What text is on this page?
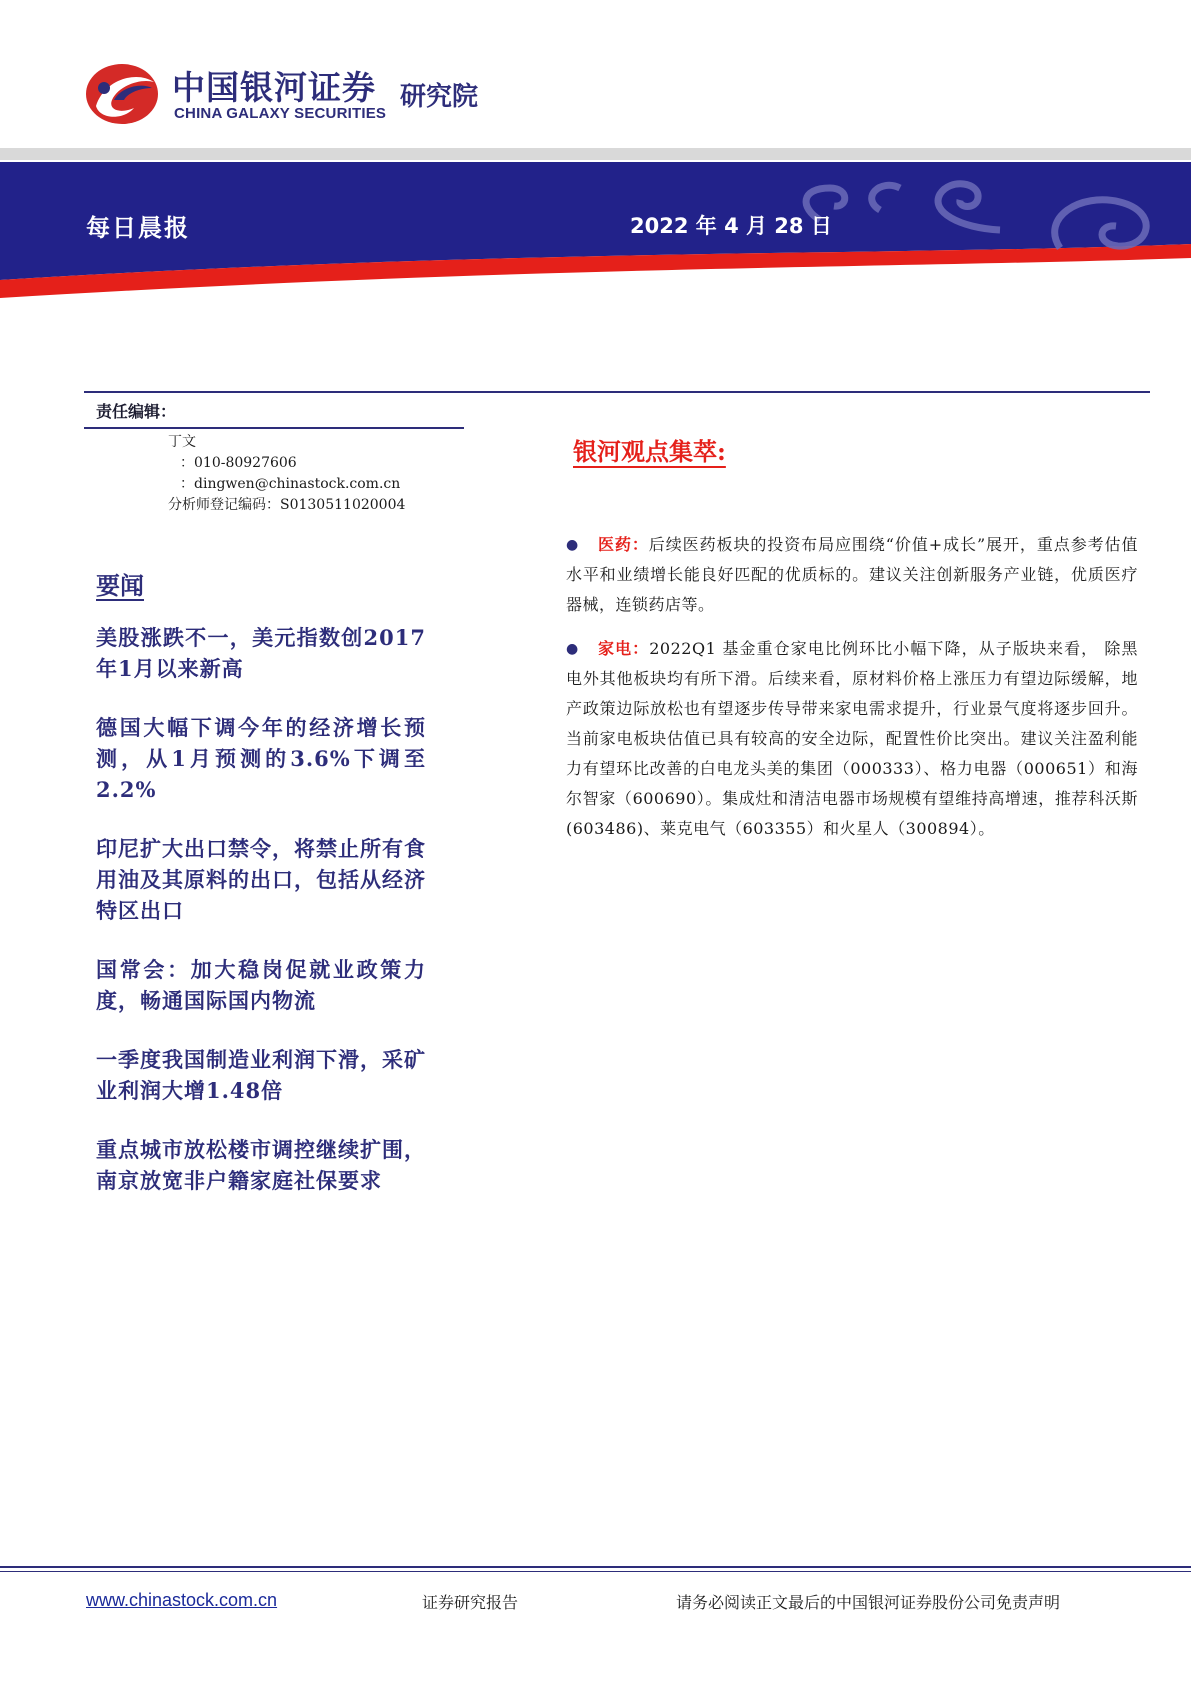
中国银河证券
CHINA GALAXY SECURITIES
研究院
每日晨报	2022 年 4 月 28 日
责任编辑：
丁文
：010-80927606
：dingwen@chinastock.com.cn
分析师登记编码：S0130511020004
要闻
美股涨跌不一，美元指数创2017年1月以来新高
德国大幅下调今年的经济增长预测，从1月预测的3.6%下调至2.2%
印尼扩大出口禁令，将禁止所有食用油及其原料的出口，包括从经济特区出口
国常会：加大稳岗促就业政策力度，畅通国际国内物流
一季度我国制造业利润下滑，采矿业利润大增1.48倍
重点城市放松楼市调控继续扩围，南京放宽非户籍家庭社保要求
银河观点集萃:
●	医药：后续医药板块的投资布局应围绕“价值+成长”展开，重点参考估值水平和业绩增长能良好匹配的优质标的。建议关注创新服务产业链，优质医疗器械，连锁药店等。
●	家电：2022Q1 基金重仓家电比例环比小幅下降，从子版块来看， 除黑电外其他板块均有所下滑。后续来看，原材料价格上涨压力有望边际缓解，地产政策边际放松也有望逐步传导带来家电需求提升，行业景气度将逐步回升。当前家电板块估值已具有较高的安全边际，配置性价比突出。建议关注盈利能力有望环比改善的白电龙头美的集团（000333）、格力电器（000651）和海尔智家（600690）。集成灶和清洁电器市场规模有望维持高增速，推荐科沃斯(603486)、莱克电气（603355）和火星人（300894）。
www.chinastock.com.cn	证券研究报告	请务必阅读正文最后的中国银河证券股份公司免责声明
